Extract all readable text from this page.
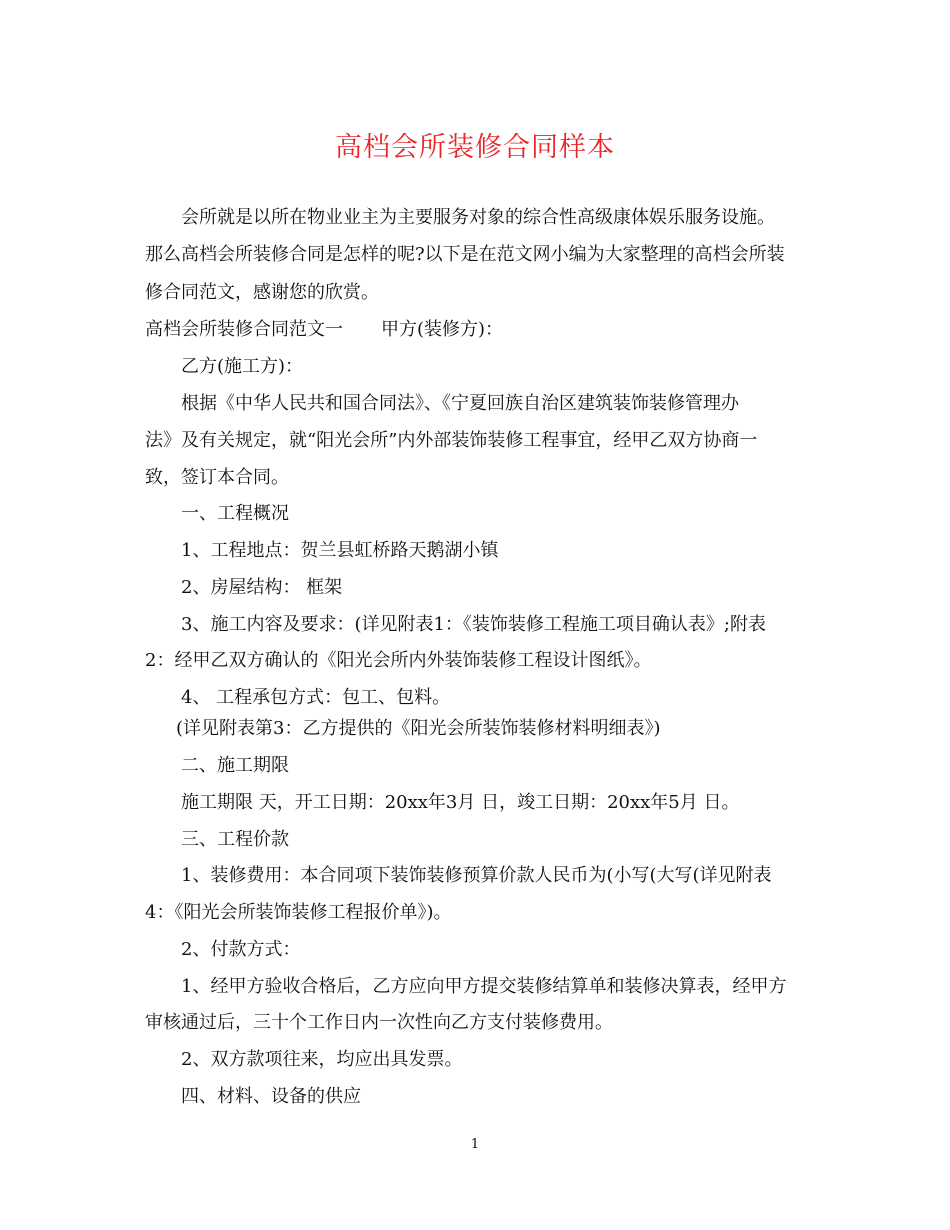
高档会所装修合同样本

会所就是以所在物业业主为主要服务对象的综合性高级康体娱乐服务设施。

那么高档会所装修合同是怎样的呢?以下是在范文网小编为大家整理的高档会所装

修合同范文，感谢您的欣赏。

高档会所装修合同范文一 甲方(装修方)：

乙方(施工方)：

根据《中华人民共和国合同法》、《宁夏回族自治区建筑装饰装修管理办

法》及有关规定，就“阳光会所”内外部装饰装修工程事宜，经甲乙双方协商一

致，签订本合同。

一、工程概况

1、工程地点：贺兰县虹桥路天鹅湖小镇

2、房屋结构： 框架

3、施工内容及要求：(详见附表1：《装饰装修工程施工项目确认表》;附表

2：经甲乙双方确认的《阳光会所内外装饰装修工程设计图纸》。

4、 工程承包方式：包工、包料。

(详见附表第3：乙方提供的《阳光会所装饰装修材料明细表》)

二、施工期限

施工期限 天，开工日期：20xx年3月 日，竣工日期：20xx年5月 日。

三、工程价款

1、装修费用：本合同项下装饰装修预算价款人民币为(小写(大写(详见附表

4：《阳光会所装饰装修工程报价单》)。

2、付款方式：

1、经甲方验收合格后，乙方应向甲方提交装修结算单和装修决算表，经甲方

审核通过后，三十个工作日内一次性向乙方支付装修费用。

2、双方款项往来，均应出具发票。

四、材料、设备的供应

1
